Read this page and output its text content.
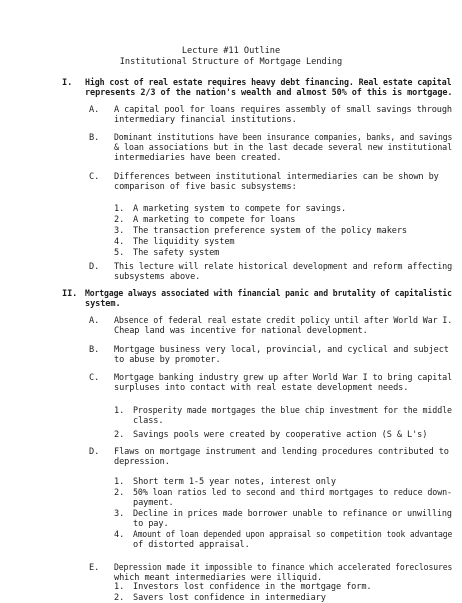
Lecture #11 Outline
Institutional Structure of Mortgage Lending
I. High cost of real estate requires heavy debt financing. Real estate capital
represents 2/3 of the nation's wealth and almost 50% of this is mortgage.
A. A capital pool for loans requires assembly of small savings through
intermediary financial institutions.
B. Dominant institutions have been insurance companies, banks, and savings
& loan associations but in the last decade several new institutional
intermediaries have been created.
C. Differences between institutional intermediaries can be shown by
comparison of five basic subsystems:
1. A marketing system to compete for savings.
2. A marketing to compete for loans
3. The transaction preference system of the policy makers
4. The liquidity system
5. The safety system
D. This lecture will relate historical development and reform affecting
subsystems above.
II. Mortgage always associated with financial panic and brutality of capitalistic
system.
A. Absence of federal real estate credit policy until after World War I.
Cheap land was incentive for national development.
B. Mortgage business very local, provincial, and cyclical and subject
to abuse by promoter.
C. Mortgage banking industry grew up after World War I to bring capital
surpluses into contact with real estate development needs.
1. Prosperity made mortgages the blue chip investment for the middle
class.
2. Savings pools were created by cooperative action (S & L's)
D. Flaws on mortgage instrument and lending procedures contributed to
depression.
1. Short term 1-5 year notes, interest only
2. 50% loan ratios led to second and third mortgages to reduce down-
payment.
3. Decline in prices made borrower unable to refinance or unwilling
to pay.
4. Amount of loan depended upon appraisal so competition took advantage
of distorted appraisal.
E. Depression made it impossible to finance which accelerated foreclosures
which meant intermediaries were illiquid.
1. Investors lost confidence in the mortgage form.
2. Savers lost confidence in intermediary
